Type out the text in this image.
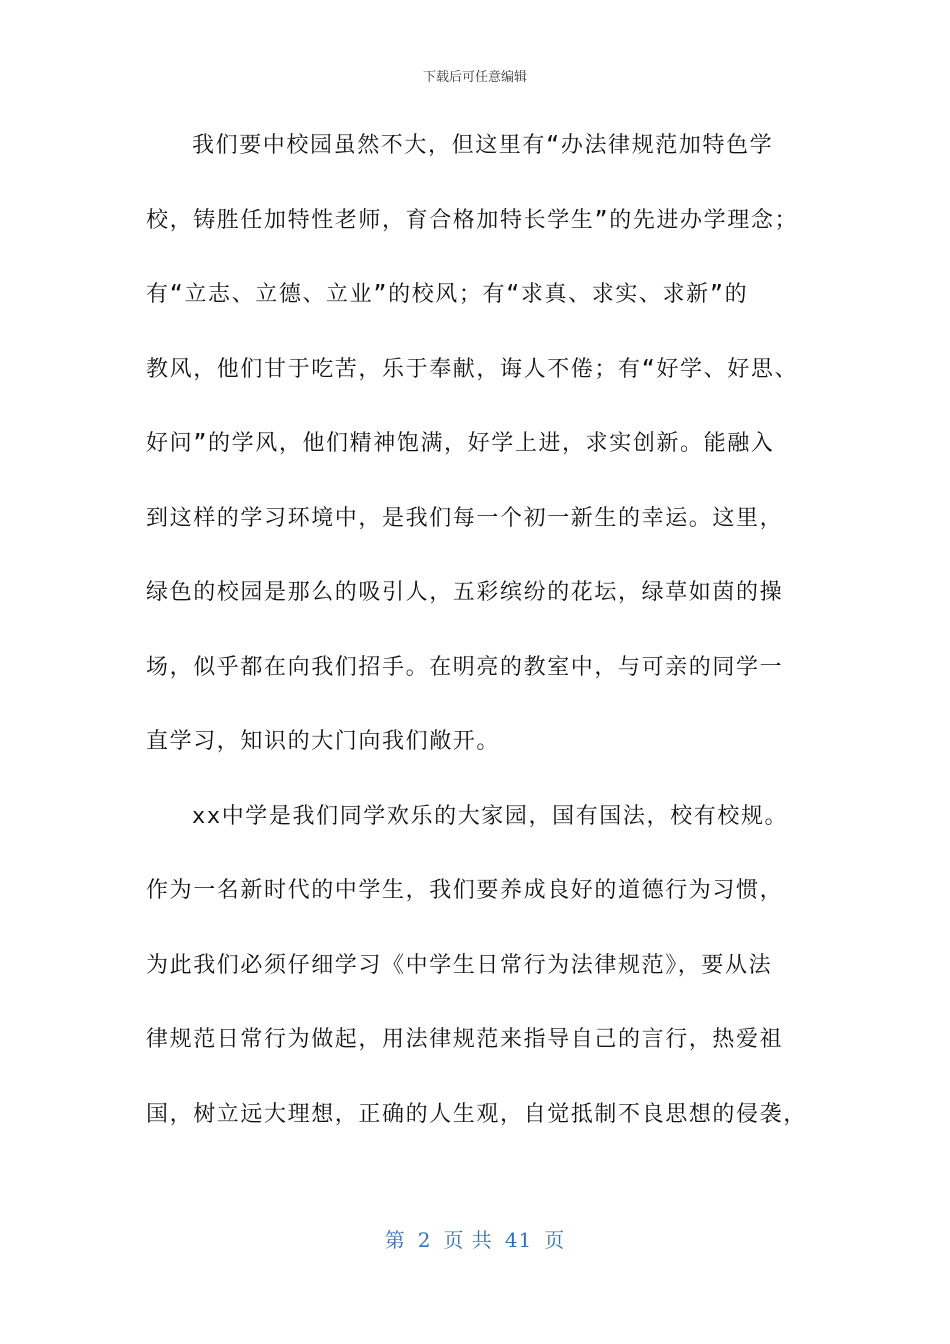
下载后可任意编辑
我们要中校园虽然不大，但这里有“办法律规范加特色学
校，铸胜任加特性老师，育合格加特长学生”的先进办学理念；
有“立志、立德、立业”的校风；有“求真、求实、求新”的
教风，他们甘于吃苦，乐于奉献，诲人不倦；有“好学、好思、
好问”的学风，他们精神饱满，好学上进，求实创新。能融入
到这样的学习环境中，是我们每一个初一新生的幸运。这里，
绿色的校园是那么的吸引人，五彩缤纷的花坛，绿草如茵的操
场，似乎都在向我们招手。在明亮的教室中，与可亲的同学一
直学习，知识的大门向我们敞开。
xx中学是我们同学欢乐的大家园，国有国法，校有校规。
作为一名新时代的中学生，我们要养成良好的道德行为习惯，
为此我们必须仔细学习《中学生日常行为法律规范》，要从法
律规范日常行为做起，用法律规范来指导自己的言行，热爱祖
国，树立远大理想，正确的人生观，自觉抵制不良思想的侵袭，
第 2 页 共 41 页
